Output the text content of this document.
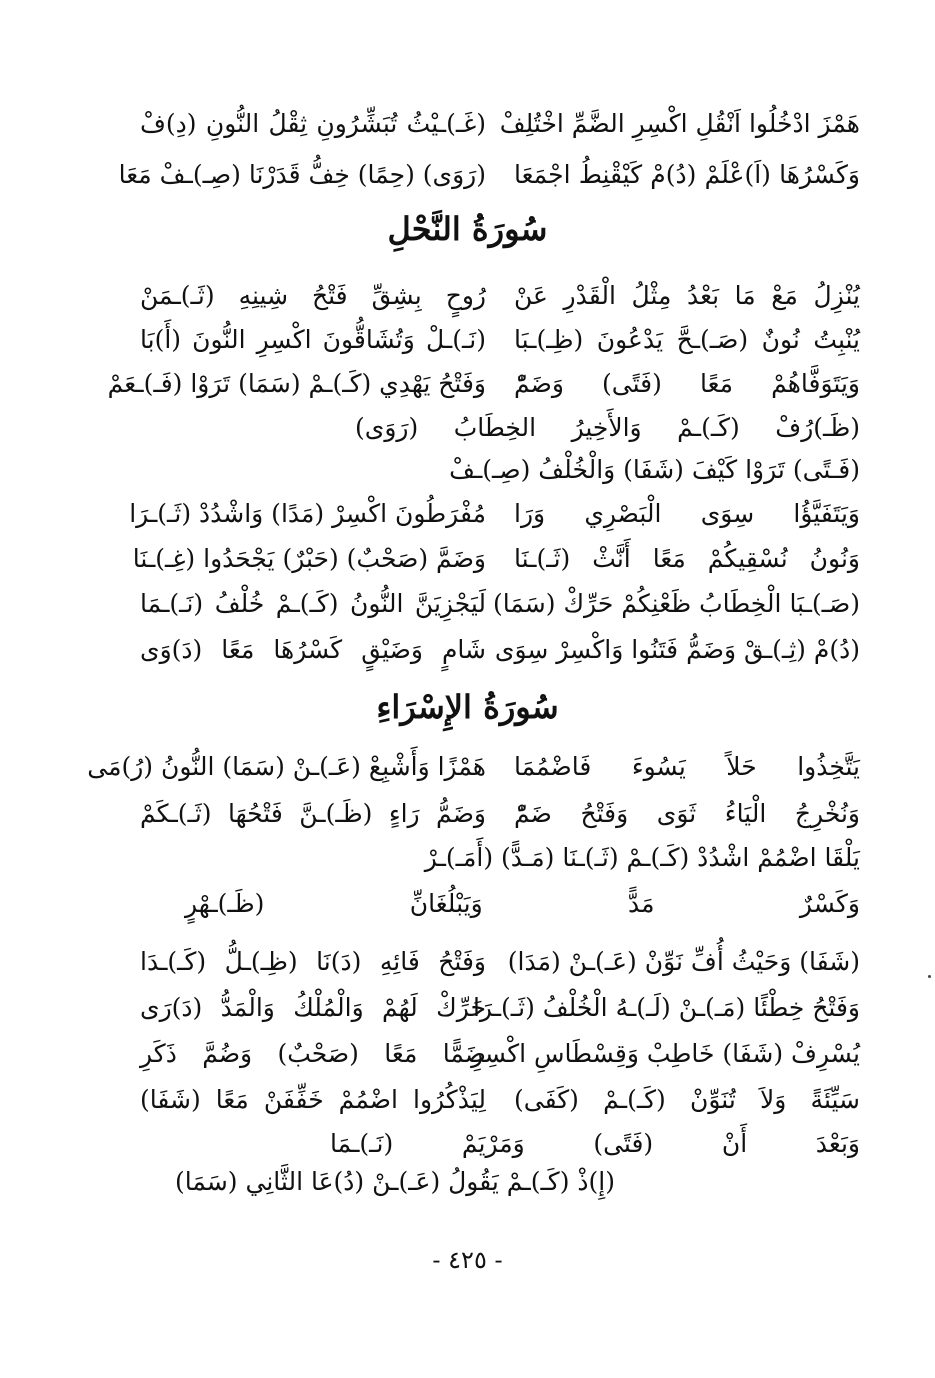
هَمْزَ ادْخُلُوا اَنْقُلِ اكْسِرِ الضَّمِّ اخْتُلِفْ
(غَـ)ـيْثُ تُبَشِّرُونِ ثِقْلُ النُّونِ (دِ)فْ
وَكَسْرُهَا (اَ)عْلَمْ (دُ)مْ كَيْقْنِطُ اجْمَعَا
(رَوَى) (حِمًا) خِفُّ قَدَرْنَا (صِـ)ـفْ مَعَا
سُورَةُ النَّحْلِ
يُنْزِلُ مَعْ مَا بَعْدُ مِثْلُ الْقَدْرِ عَنْ
رُوحٍ بِشِقِّ فَتْحُ شِينِهِ (ثَـ)ـمَنْ
يُنْبِتُ نُونٌ (صَـ)ـحَّ يَدْعُونَ (ظِـ)ـبَا
(نَـ)ـلْ وَتُشَاقُّونَ اكْسِرِ النُّونَ (أَ)بَا
وَيَتَوَفَّاهُمْ مَعًا (فَتًى) وَضَمّْ
وَفَتْحُ يَهْدِي (كَـ)ـمْ (سَمَا) تَرَوْا (فَـ)ـعَمْ
(ظَـ)رُفْ
(كَـ)ـمْ
وَالأَخِيرُ
الخِطَابُ
(رَوَى)
(فَـتًى) تَرَوْا كَيْفَ (شَفَا) وَالْخُلْفُ (صِـ)ـفْ
وَيَتَفَيَّؤُا سِوَى الْبَصْرِي وَرَا
مُفْرَطُونَ اكْسِرْ (مَدًا) وَاشْدُدْ (ثَـ)ـرَا
وَنُونُ نُسْقِيكُمْ مَعًا أَنَّثْ (ثَـ)ـنَا
وَضَمَّ (صَحْبٌ) (حَبْرٌ) يَجْحَدُوا (غِـ)ـنَا
(صَـ)ـبَا الْخِطَابُ ظَعْنِكُمْ حَرِّكْ (سَمَا)
لَيَجْزِيَنَّ النُّونُ (كَـ)ـمْ خُلْفُ (نَـ)ـمَا
(دُ)مْ (ثِـ)ـقْ وَضَمُّ فَتَنُوا وَاكْسِرْ سِوَى
شَامٍ وَضَيْقٍ كَسْرُهَا مَعًا (دَ)وَى
سُورَةُ الإِسْرَاءِ
يَتَّخِذُوا حَلاً يَسُوءَ فَاضْمُمَا
هَمْزًا وَأَشْبِعْ (عَـ)ـنْ (سَمَا) النُّونُ (رُ)مَى
وَنُخْرِجُ الْيَاءُ ثَوَى وَفَتْحُ ضَمّْ
وَضَمُّ رَاءٍ (ظَـ)ـنَّ فَتْحُهَا (ثَـ)ـكَمْ
يَلْقَا اضْمُمْ اشْدُدْ (كَـ)ـمْ (ثَـ)ـنَا (مَـدًّ) (أَمَـ)ـرْ
وَكَسْرٌ
مَدًّ
وَيَبْلُغَانِّ
(ظَـ)ـهْرٍ
(شَفَا) وَحَيْثُ أُفِّ نَوِّنْ (عَـ)ـنْ (مَدَا)
وَفَتْحُ فَائِهِ (دَ)نَا (ظِـ)ـلُّ (كَـ)ـدَا
وَفَتْحُ خِطْئًا (مَـ)ـنْ (لَـ)ـهُ الْخُلْفُ (ثَـ)ـرَا
حَرِّكْ لَهُمْ وَالْمُلْكُ وَالْمَدُّ (دَ)رَى
يُسْرِفْ (شَفَا) خَاطِبْ وَقِسْطَاسِ اكْسِرِ
ضَمًّا مَعًا (صَحْبٌ) وَضُمَّ ذَكَرِ
سَيِّئَةً وَلاَ تُنَوِّنْ (كَـ)ـمْ (كَفَى)
لِيَذْكُرُوا اضْمُمْ خَفِّفَنْ مَعًا (شَفَا)
وَبَعْدَ
أَنْ
(فَتًى)
وَمَرْيَمْ
(نَـ)ـمَا
(إِ)ذْ (كَـ)ـمْ يَقُولُ (عَـ)ـنْ (دُ)عَا الثَّانِي (سَمَا)
- ٤٢٥ -
